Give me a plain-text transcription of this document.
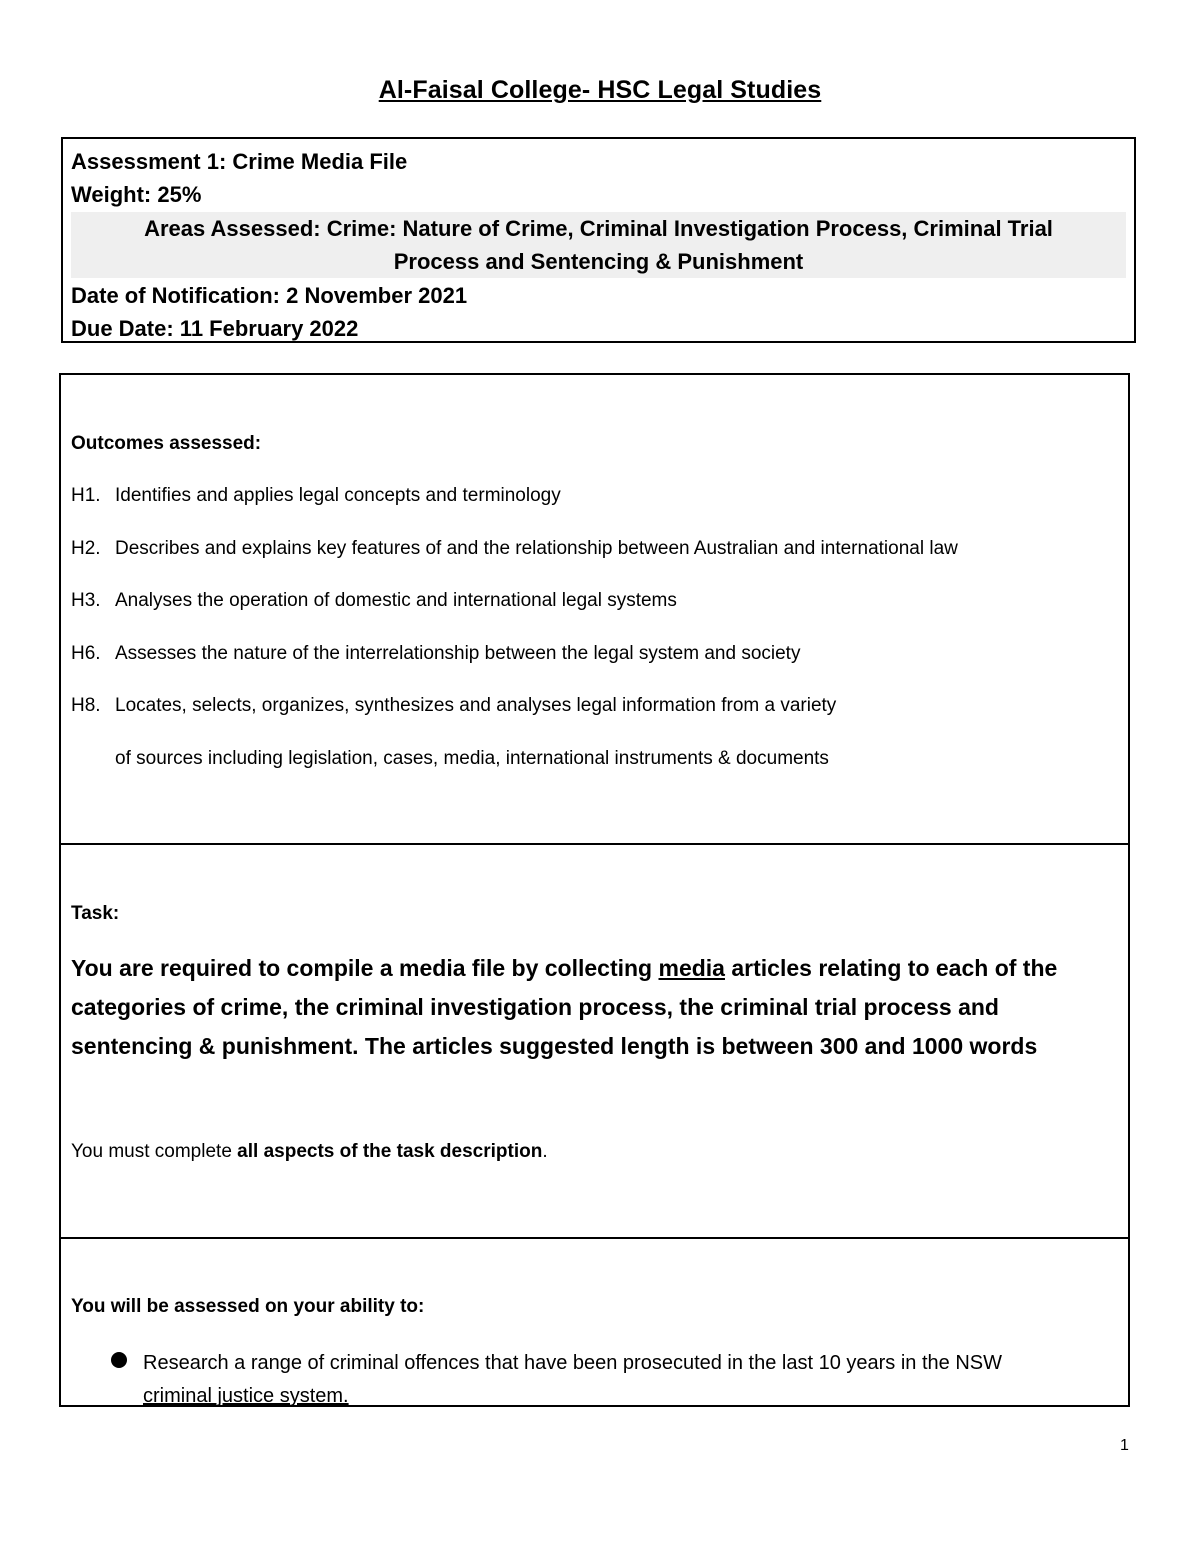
Al-Faisal College- HSC Legal Studies
Assessment 1: Crime Media File
Weight: 25%
Areas Assessed: Crime: Nature of Crime, Criminal Investigation Process, Criminal Trial
Process and Sentencing & Punishment
Date of Notification: 2 November 2021
Due Date: 11 February 2022
Outcomes assessed:
H1. Identifies and applies legal concepts and terminology
H2. Describes and explains key features of and the relationship between Australian and international law
H3. Analyses the operation of domestic and international legal systems
H6. Assesses the nature of the interrelationship between the legal system and society
H8. Locates, selects, organizes, synthesizes and analyses legal information from a variety
of sources including legislation, cases, media, international instruments & documents
Task:
You are required to compile a media file by collecting media articles relating to each of the categories of crime, the criminal investigation process, the criminal trial process and sentencing & punishment. The articles suggested length is between 300 and 1000 words
You must complete all aspects of the task description.
You will be assessed on your ability to:
Research a range of criminal offences that have been prosecuted in the last 10 years in the NSW
criminal justice system.
1
